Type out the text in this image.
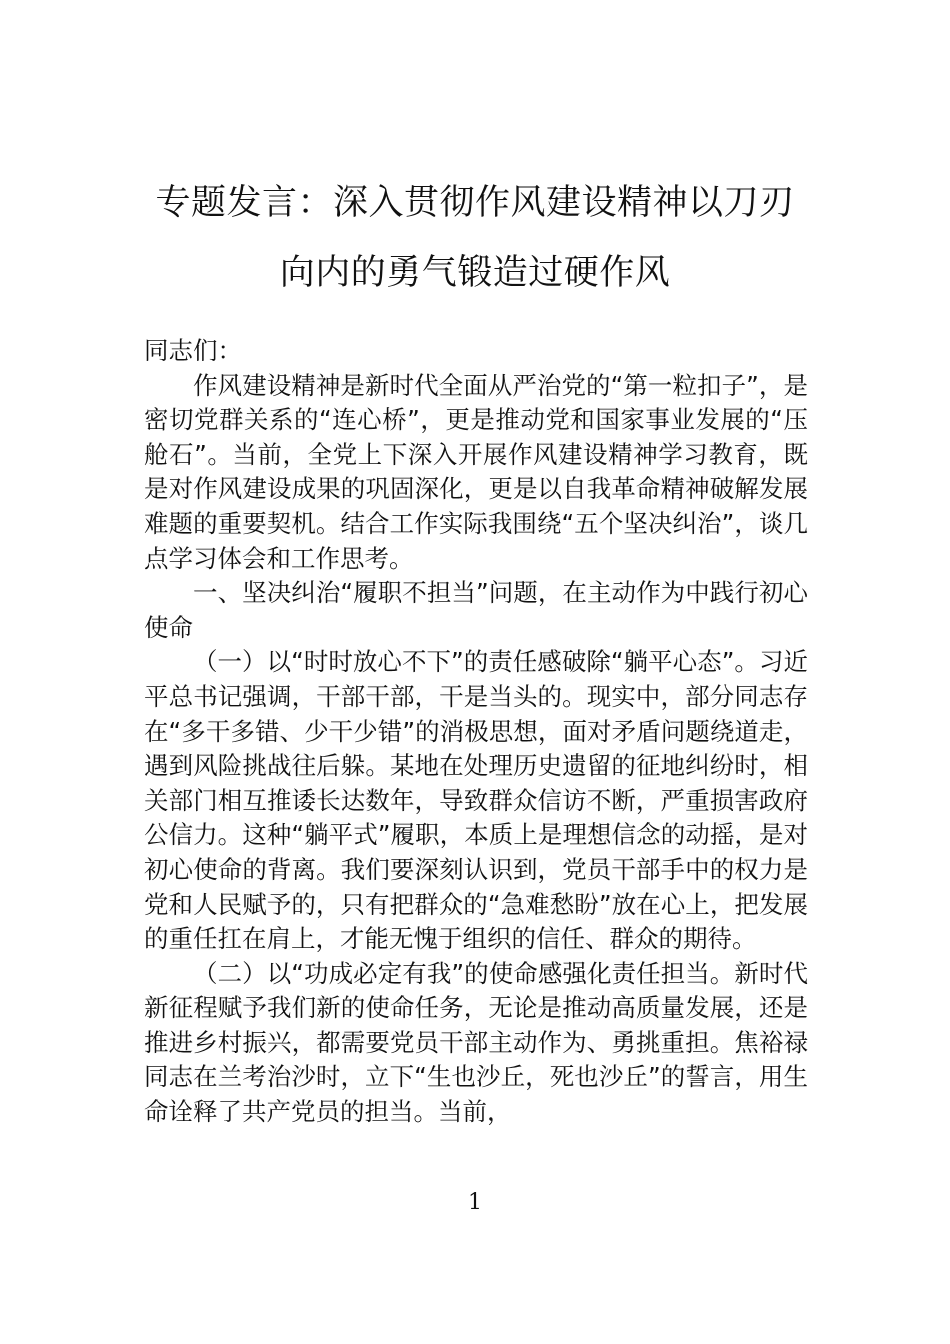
专题发言：深入贯彻作风建设精神以刀刃
向内的勇气锻造过硬作风

同志们：

作风建设精神是新时代全面从严治党的“第一粒扣子”，是密切党群关系的“连心桥”，更是推动党和国家事业发展的“压舱石”。当前，全党上下深入开展作风建设精神学习教育，既是对作风建设成果的巩固深化，更是以自我革命精神破解发展难题的重要契机。结合工作实际我围绕“五个坚决纠治”，谈几点学习体会和工作思考。

一、坚决纠治“履职不担当”问题，在主动作为中践行初心使命

（一）以“时时放心不下”的责任感破除“躺平心态”。习近平总书记强调，干部干部，干是当头的。现实中，部分同志存在“多干多错、少干少错”的消极思想，面对矛盾问题绕道走，遇到风险挑战往后躲。某地在处理历史遗留的征地纠纷时，相关部门相互推诿长达数年，导致群众信访不断，严重损害政府公信力。这种“躺平式”履职，本质上是理想信念的动摇，是对初心使命的背离。我们要深刻认识到，党员干部手中的权力是党和人民赋予的，只有把群众的“急难愁盼”放在心上，把发展的重任扛在肩上，才能无愧于组织的信任、群众的期待。

（二）以“功成必定有我”的使命感强化责任担当。新时代新征程赋予我们新的使命任务，无论是推动高质量发展，还是推进乡村振兴，都需要党员干部主动作为、勇挑重担。焦裕禄同志在兰考治沙时，立下“生也沙丘，死也沙丘”的誓言，用生命诠释了共产党员的担当。当前，

1
